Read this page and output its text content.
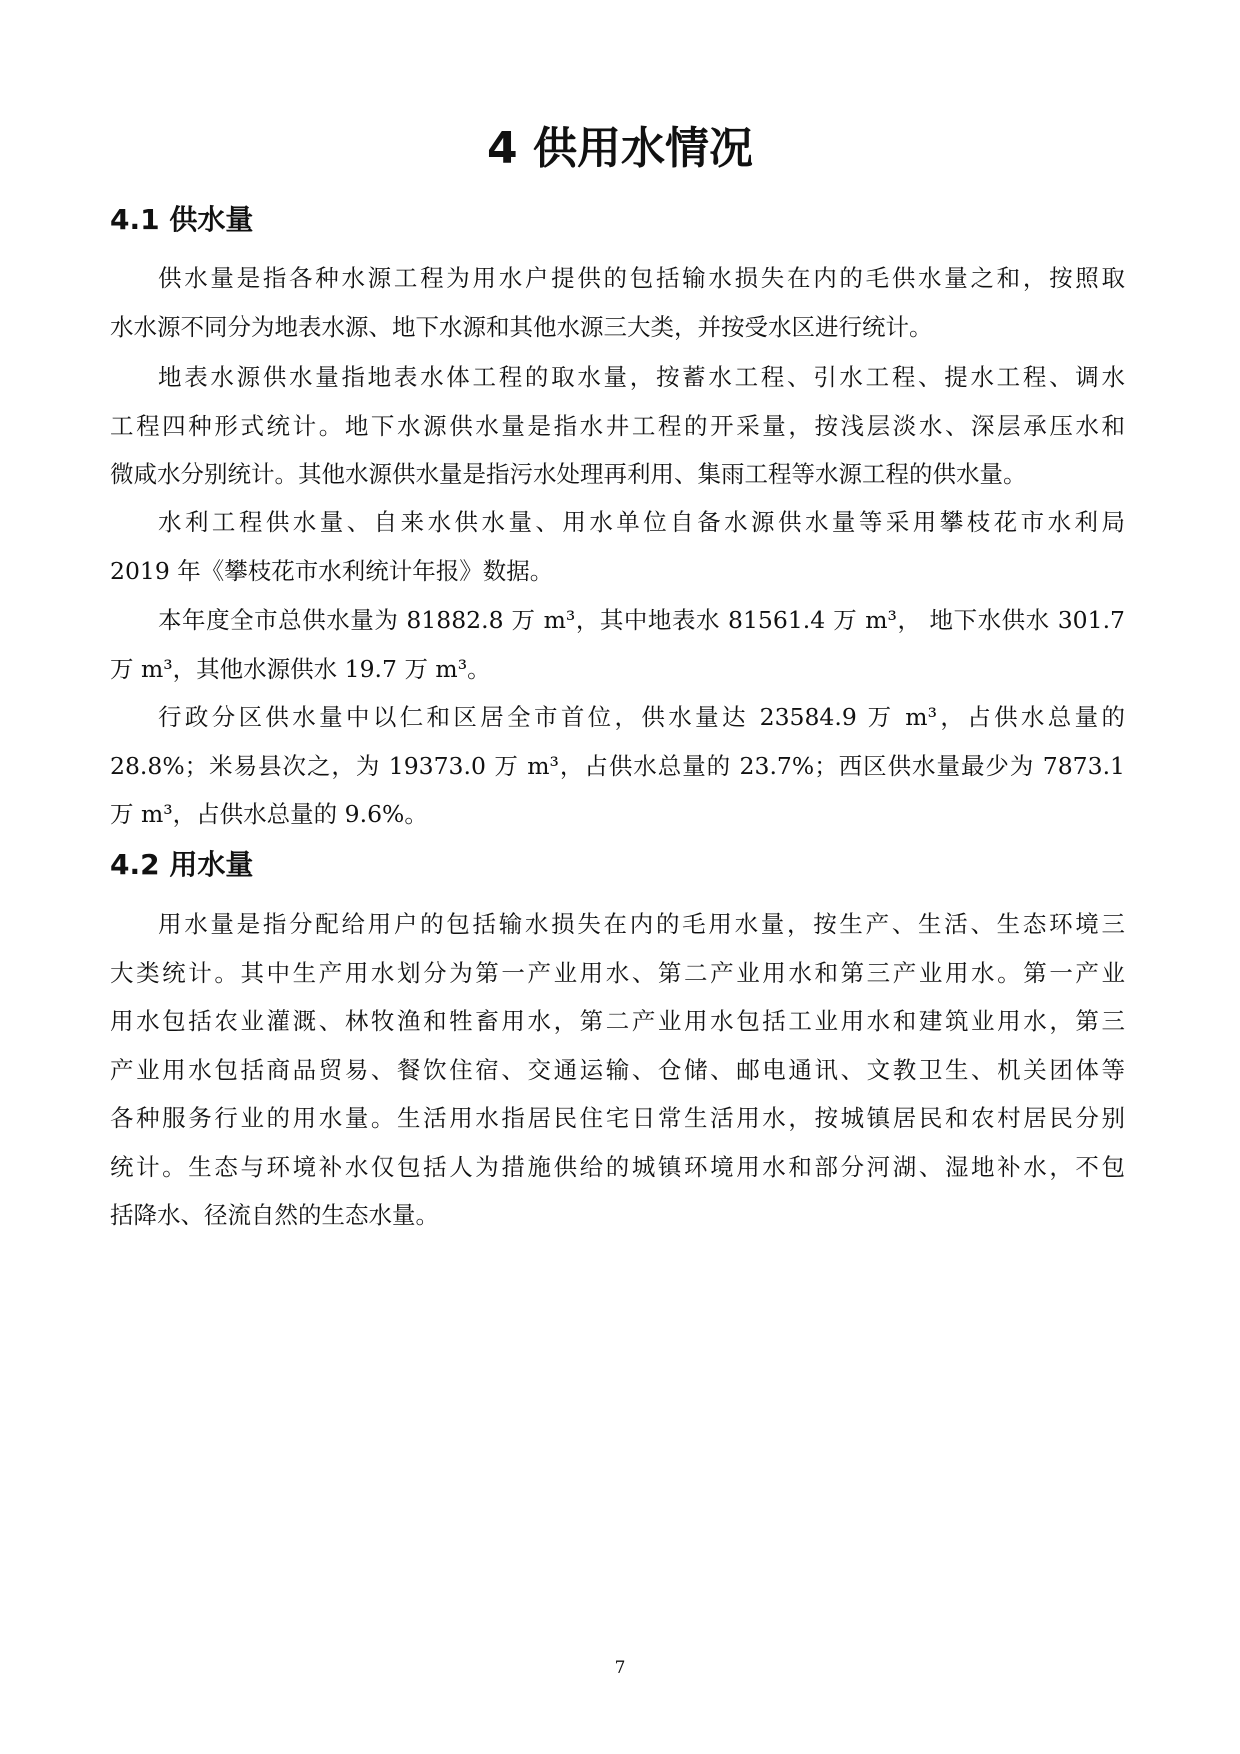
4 供用水情况
4.1 供水量
供水量是指各种水源工程为用水户提供的包括输水损失在内的毛供水量之和，按照取
水水源不同分为地表水源、地下水源和其他水源三大类，并按受水区进行统计。
地表水源供水量指地表水体工程的取水量，按蓄水工程、引水工程、提水工程、调水
工程四种形式统计。地下水源供水量是指水井工程的开采量，按浅层淡水、深层承压水和
微咸水分别统计。其他水源供水量是指污水处理再利用、集雨工程等水源工程的供水量。
水利工程供水量、自来水供水量、用水单位自备水源供水量等采用攀枝花市水利局
2019 年《攀枝花市水利统计年报》数据。
本年度全市总供水量为 81882.8 万 m³，其中地表水 81561.4 万 m³， 地下水供水 301.7
万 m³，其他水源供水 19.7 万 m³。
行政分区供水量中以仁和区居全市首位，供水量达 23584.9 万 m³，占供水总量的
28.8%；米易县次之，为 19373.0 万 m³，占供水总量的 23.7%；西区供水量最少为 7873.1
万 m³，占供水总量的 9.6%。
4.2 用水量
用水量是指分配给用户的包括输水损失在内的毛用水量，按生产、生活、生态环境三
大类统计。其中生产用水划分为第一产业用水、第二产业用水和第三产业用水。第一产业
用水包括农业灌溉、林牧渔和牲畜用水，第二产业用水包括工业用水和建筑业用水，第三
产业用水包括商品贸易、餐饮住宿、交通运输、仓储、邮电通讯、文教卫生、机关团体等
各种服务行业的用水量。生活用水指居民住宅日常生活用水，按城镇居民和农村居民分别
统计。生态与环境补水仅包括人为措施供给的城镇环境用水和部分河湖、湿地补水，不包
括降水、径流自然的生态水量。
7
